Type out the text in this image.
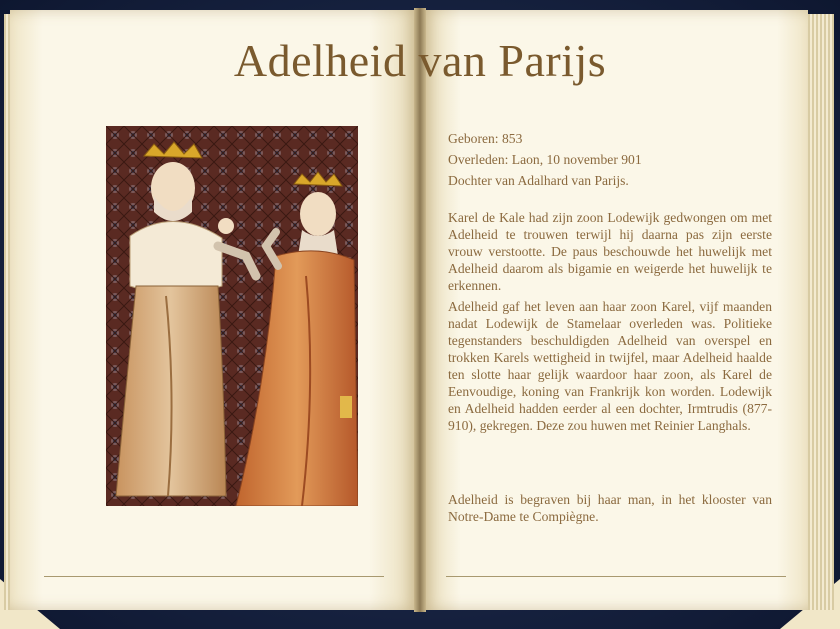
Adelheid van Parijs
Geboren: 853
Overleden: Laon, 10 november 901
Dochter van Adalhard van Parijs.

Karel de Kale had zijn zoon Lodewijk gedwongen om met Adelheid te trouwen terwijl hij daarna pas zijn eerste vrouw verstootte. De paus beschouwde het huwelijk met Adelheid daarom als bigamie en weigerde het huwelijk te erkennen.

Adelheid gaf het leven aan haar zoon Karel, vijf maanden nadat Lodewijk de Stamelaar overleden was. Politieke tegenstanders beschuldigden Adelheid van overspel en trokken Karels wettigheid in twijfel, maar Adelheid haalde ten slotte haar gelijk waardoor haar zoon, als Karel de Eenvoudige, koning van Frankrijk kon worden. Lodewijk en Adelheid hadden eerder al een dochter, Irmtrudis (877-910), gekregen. Deze zou huwen met Reinier Langhals.

Adelheid is begraven bij haar man, in het klooster van Notre-Dame te Compiègne.
